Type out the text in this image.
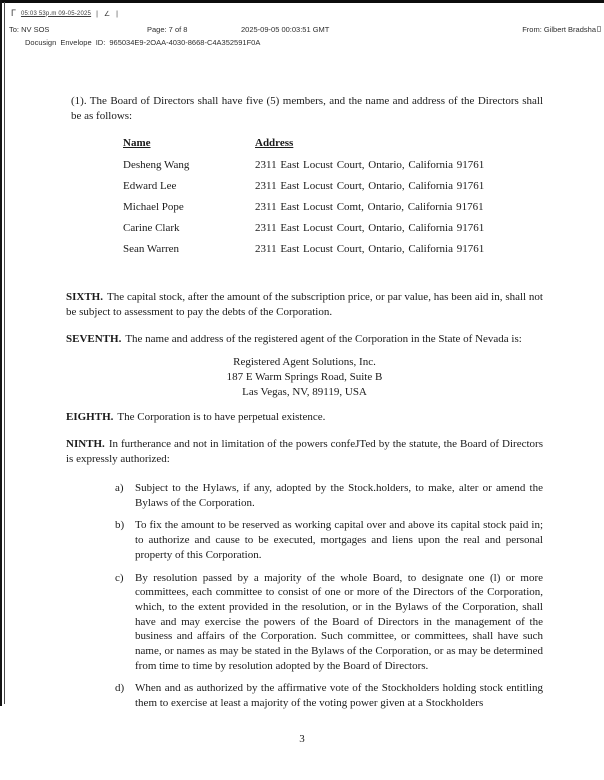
Γ 05:03 53p.m 09-05-2025 | ∠ |
To: NV SOS	Page: 7 of 8	2025-09-05 00:03:51 GMT	From: Gilbert Bradsha
Docusign Envelope ID: 965034E9-2OAA-4030-8668-C4A352591F0A

(1). The Board of Directors shall have five (5) members, and the name and address of the Directors shall be as follows:

Name	Address
Desheng Wang	2311 East Locust Court, Ontario, California 91761
Edward Lee	2311 East Locust Court, Ontario, California 91761
Michael Pope	2311 East Locust Comt, Ontario, California 91761
Carine Clark	2311 East Locust Court, Ontario, California 91761
Sean Warren	2311 East Locust Court, Ontario, California 91761

SIXTH. The capital stock, after the amount of the subscription price, or par value, has been aid in, shall not be subject to assessment to pay the debts of the Corporation.

SEVENTH. The name and address of the registered agent of the Corporation in the State of Nevada is:

Registered Agent Solutions, Inc.
187 E Warm Springs Road, Suite B
Las Vegas, NV, 89119, USA

EIGHTH. The Corporation is to have perpetual existence.

NINTH. In furtherance and not in limitation of the powers confeJTed by the statute, the Board of Directors is expressly authorized:

a)	Subject to the Hylaws, if any, adopted by the Stock.holders, to make, alter or amend the Bylaws of the Corporation.
b) To fix the amount to be reserved as working capital over and above its capital stock paid in; to authorize and cause to be executed, mortgages and liens upon the real and personal property of this Corporation.
c)	By resolution passed by a majority of the whole Board, to designate one (l) or more committees, each committee to consist of one or more of the Directors of the Corporation, which, to the extent provided in the resolution, or in the Bylaws of the Corporation, shall have and may exercise the powers of the Board of Directors in the management of the business and affairs of the Corporation. Such committee, or committees, shall have such name, or names as may be stated in the Bylaws of the Corporation, or as may be determined from time to time by resolution adopted by the Board of Directors.
d) When and as authorized by the affirmative vote of the Stockholders holding stock entitling them to exercise at least a majority of the voting power given at a Stockholders
3
